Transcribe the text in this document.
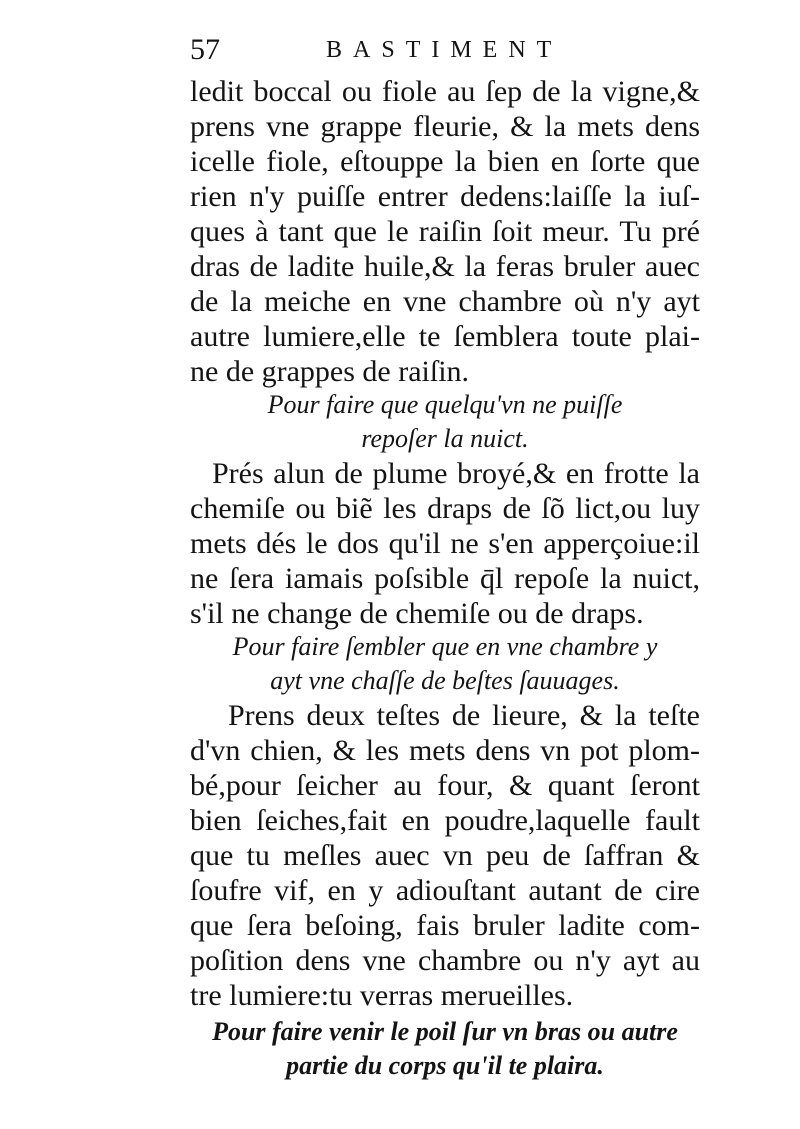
57	BASTIMENT

ledit boccal ou fiole au ſep de la vigne,&

prens vne grappe fleurie, & la mets dens

icelle fiole, eſtouppe la bien en ſorte que

rien n'y puiſſe entrer dedens:laiſſe la iuſ-

ques à tant que le raiſin ſoit meur. Tu pré

dras de ladite huile,& la feras bruler auec

de la meiche en vne chambre où n'y ayt

autre lumiere,elle te ſemblera toute plai-

ne de grappes de raiſin.

Pour faire que quelqu'vn ne puiſſe

repoſer la nuict.

Prés alun de plume broyé,& en frotte la

chemiſe ou biẽ les draps de ſõ lict,ou luy

mets dés le dos qu'il ne s'en apperçoiue:il

ne ſera iamais poſsible q̄l repoſe la nuict,

s'il ne change de chemiſe ou de draps.

Pour faire ſembler que en vne chambre y

ayt vne chaſſe de beſtes ſauuages.

Prens deux teſtes de lieure, & la teſte

d'vn chien, & les mets dens vn pot plom-

bé,pour ſeicher au four, & quant ſeront

bien ſeiches,fait en poudre,laquelle fault

que tu meſles auec vn peu de ſaffran &

ſoufre vif, en y adiouſtant autant de cire

que ſera beſoing, fais bruler ladite com-

poſition dens vne chambre ou n'y ayt au

tre lumiere:tu verras merueilles.

Pour faire venir le poil ſur vn bras ou autre

partie du corps qu'il te plaira.
